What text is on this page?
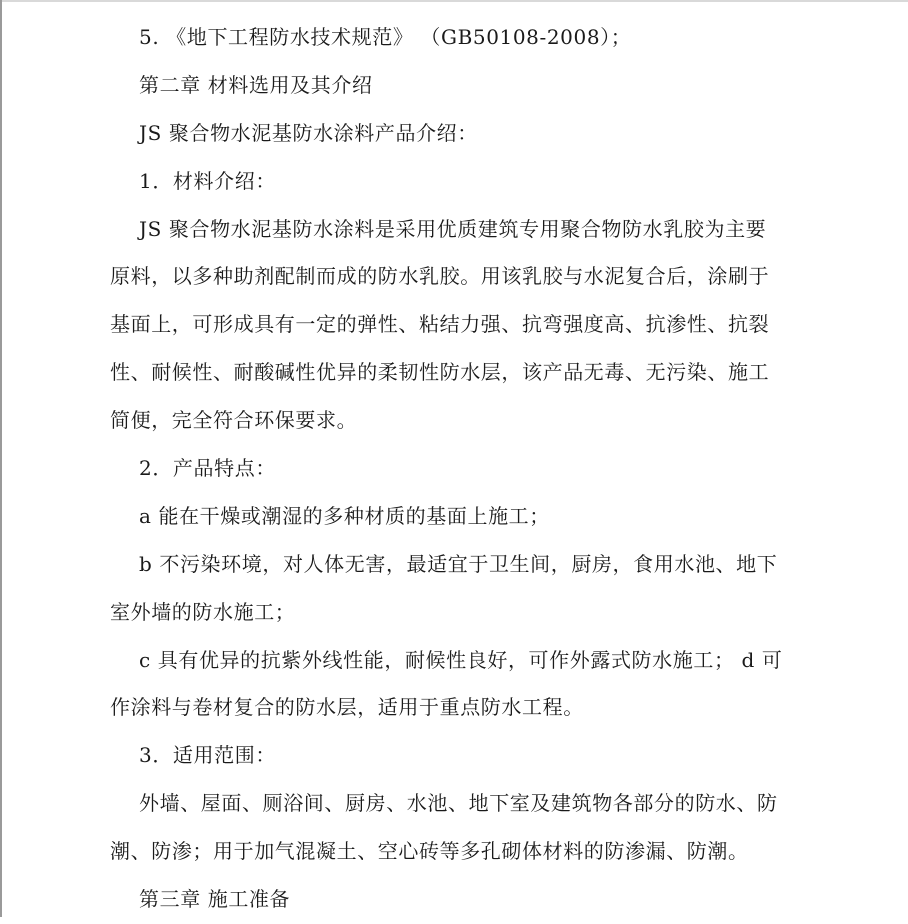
5. 《地下工程防水技术规范》 （GB50108-2008）；
第二章 材料选用及其介绍
JS 聚合物水泥基防水涂料产品介绍：
1．材料介绍：
JS 聚合物水泥基防水涂料是采用优质建筑专用聚合物防水乳胶为主要
原料，以多种助剂配制而成的防水乳胶。用该乳胶与水泥复合后，涂刷于
基面上，可形成具有一定的弹性、粘结力强、抗弯强度高、抗渗性、抗裂
性、耐候性、耐酸碱性优异的柔韧性防水层，该产品无毒、无污染、施工
简便，完全符合环保要求。
2．产品特点：
a 能在干燥或潮湿的多种材质的基面上施工；
b 不污染环境，对人体无害，最适宜于卫生间，厨房，食用水池、地下
室外墙的防水施工；
c 具有优异的抗紫外线性能，耐候性良好，可作外露式防水施工； d 可
作涂料与卷材复合的防水层，适用于重点防水工程。
3．适用范围：
外墙、屋面、厕浴间、厨房、水池、地下室及建筑物各部分的防水、防
潮、防渗；用于加气混凝土、空心砖等多孔砌体材料的防渗漏、防潮。
第三章 施工准备
